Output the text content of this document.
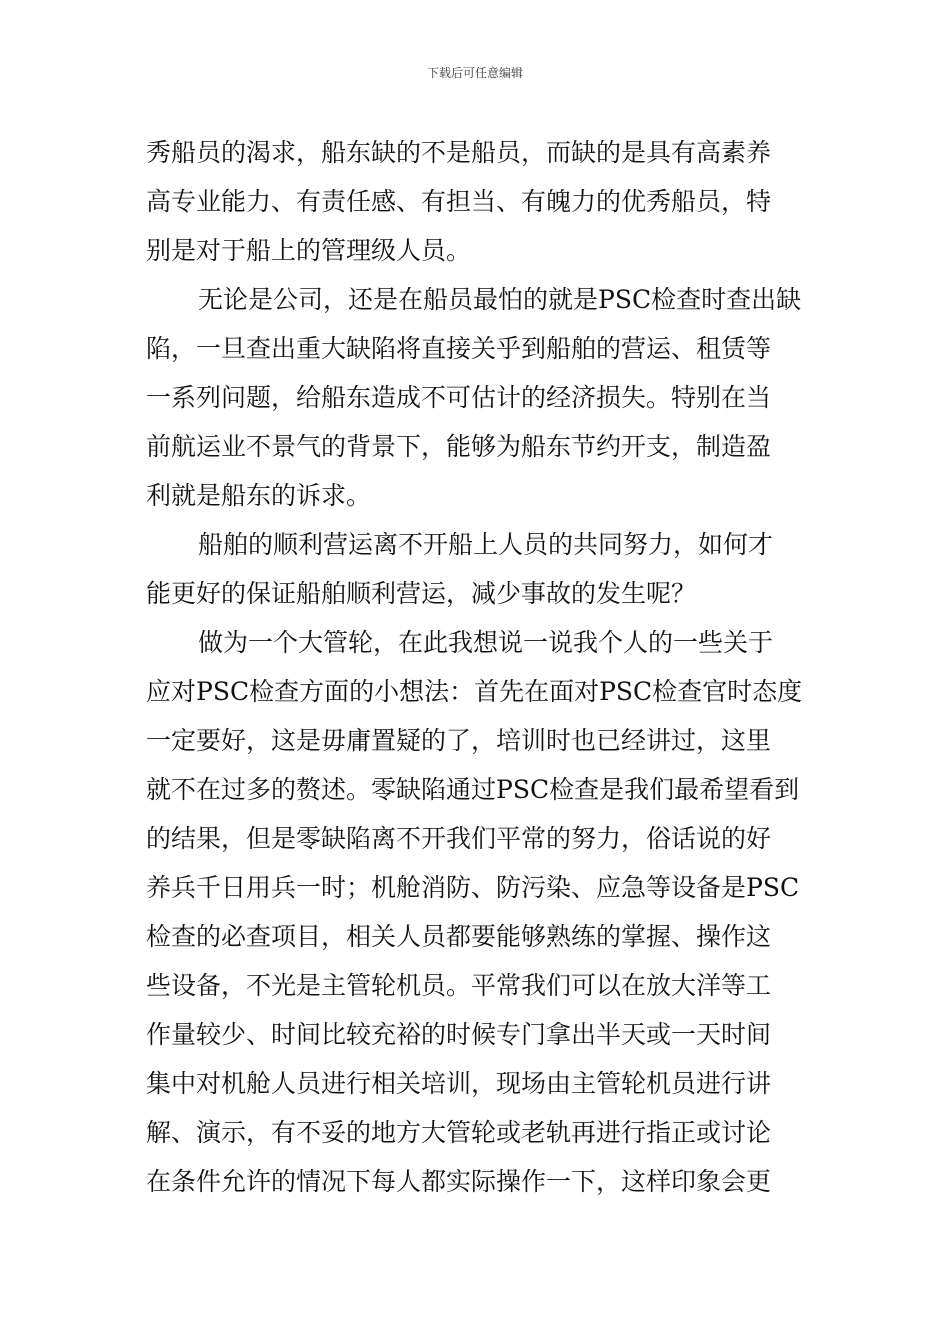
下载后可任意编辑

秀船员的渴求，船东缺的不是船员，而缺的是具有高素养
高专业能力、有责任感、有担当、有魄力的优秀船员，特
别是对于船上的管理级人员。

无论是公司，还是在船员最怕的就是PSC检查时查出缺
陷，一旦查出重大缺陷将直接关乎到船舶的营运、租赁等
一系列问题，给船东造成不可估计的经济损失。特别在当
前航运业不景气的背景下，能够为船东节约开支，制造盈
利就是船东的诉求。

船舶的顺利营运离不开船上人员的共同努力，如何才
能更好的保证船舶顺利营运，减少事故的发生呢？

做为一个大管轮，在此我想说一说我个人的一些关于
应对PSC检查方面的小想法：首先在面对PSC检查官时态度
一定要好，这是毋庸置疑的了，培训时也已经讲过，这里
就不在过多的赘述。零缺陷通过PSC检查是我们最希望看到
的结果，但是零缺陷离不开我们平常的努力，俗话说的好
养兵千日用兵一时；机舱消防、防污染、应急等设备是PSC
检查的必查项目，相关人员都要能够熟练的掌握、操作这
些设备，不光是主管轮机员。平常我们可以在放大洋等工
作量较少、时间比较充裕的时候专门拿出半天或一天时间
集中对机舱人员进行相关培训，现场由主管轮机员进行讲
解、演示，有不妥的地方大管轮或老轨再进行指正或讨论
在条件允许的情况下每人都实际操作一下，这样印象会更
